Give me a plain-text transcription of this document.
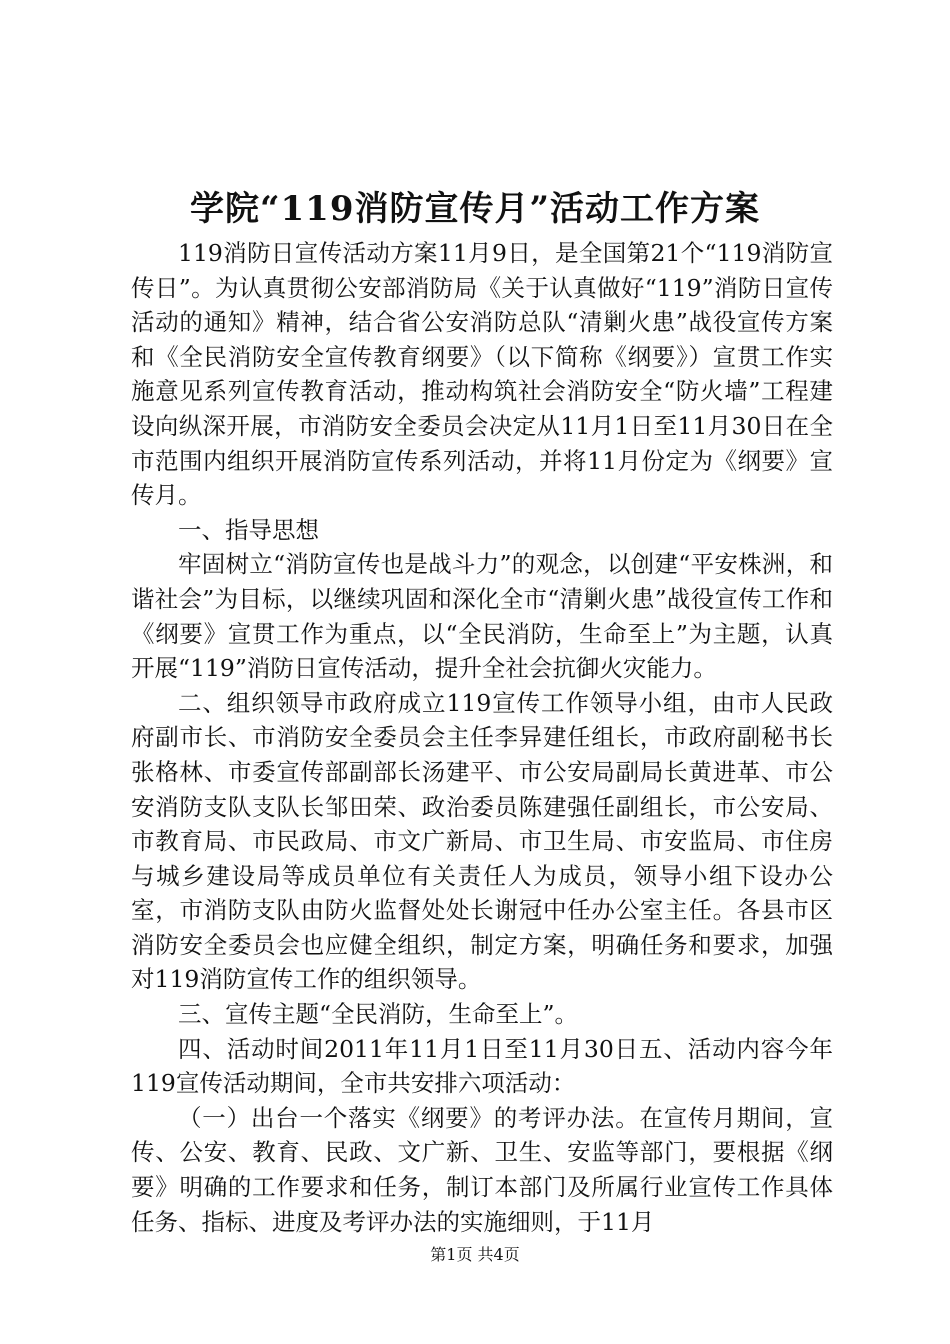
学院“119消防宣传月”活动工作方案

119消防日宣传活动方案11月9日，是全国第21个“119消防宣传日”。为认真贯彻公安部消防局《关于认真做好“119”消防日宣传活动的通知》精神，结合省公安消防总队“清剿火患”战役宣传方案和《全民消防安全宣传教育纲要》（以下简称《纲要》）宣贯工作实施意见系列宣传教育活动，推动构筑社会消防安全“防火墙”工程建设向纵深开展，市消防安全委员会决定从11月1日至11月30日在全市范围内组织开展消防宣传系列活动，并将11月份定为《纲要》宣传月。

一、指导思想

牢固树立“消防宣传也是战斗力”的观念，以创建“平安株洲，和谐社会”为目标，以继续巩固和深化全市“清剿火患”战役宣传工作和《纲要》宣贯工作为重点，以“全民消防，生命至上”为主题，认真开展“119”消防日宣传活动，提升全社会抗御火灾能力。

二、组织领导市政府成立119宣传工作领导小组，由市人民政府副市长、市消防安全委员会主任李异建任组长，市政府副秘书长张格林、市委宣传部副部长汤建平、市公安局副局长黄进革、市公安消防支队支队长邹田荣、政治委员陈建强任副组长，市公安局、市教育局、市民政局、市文广新局、市卫生局、市安监局、市住房与城乡建设局等成员单位有关责任人为成员，领导小组下设办公室，市消防支队由防火监督处处长谢冠中任办公室主任。各县市区消防安全委员会也应健全组织，制定方案，明确任务和要求，加强对119消防宣传工作的组织领导。

三、宣传主题“全民消防，生命至上”。

四、活动时间2011年11月1日至11月30日五、活动内容今年119宣传活动期间，全市共安排六项活动：

（一）出台一个落实《纲要》的考评办法。在宣传月期间，宣传、公安、教育、民政、文广新、卫生、安监等部门，要根据《纲要》明确的工作要求和任务，制订本部门及所属行业宣传工作具体任务、指标、进度及考评办法的实施细则，于11月

第1页 共4页
